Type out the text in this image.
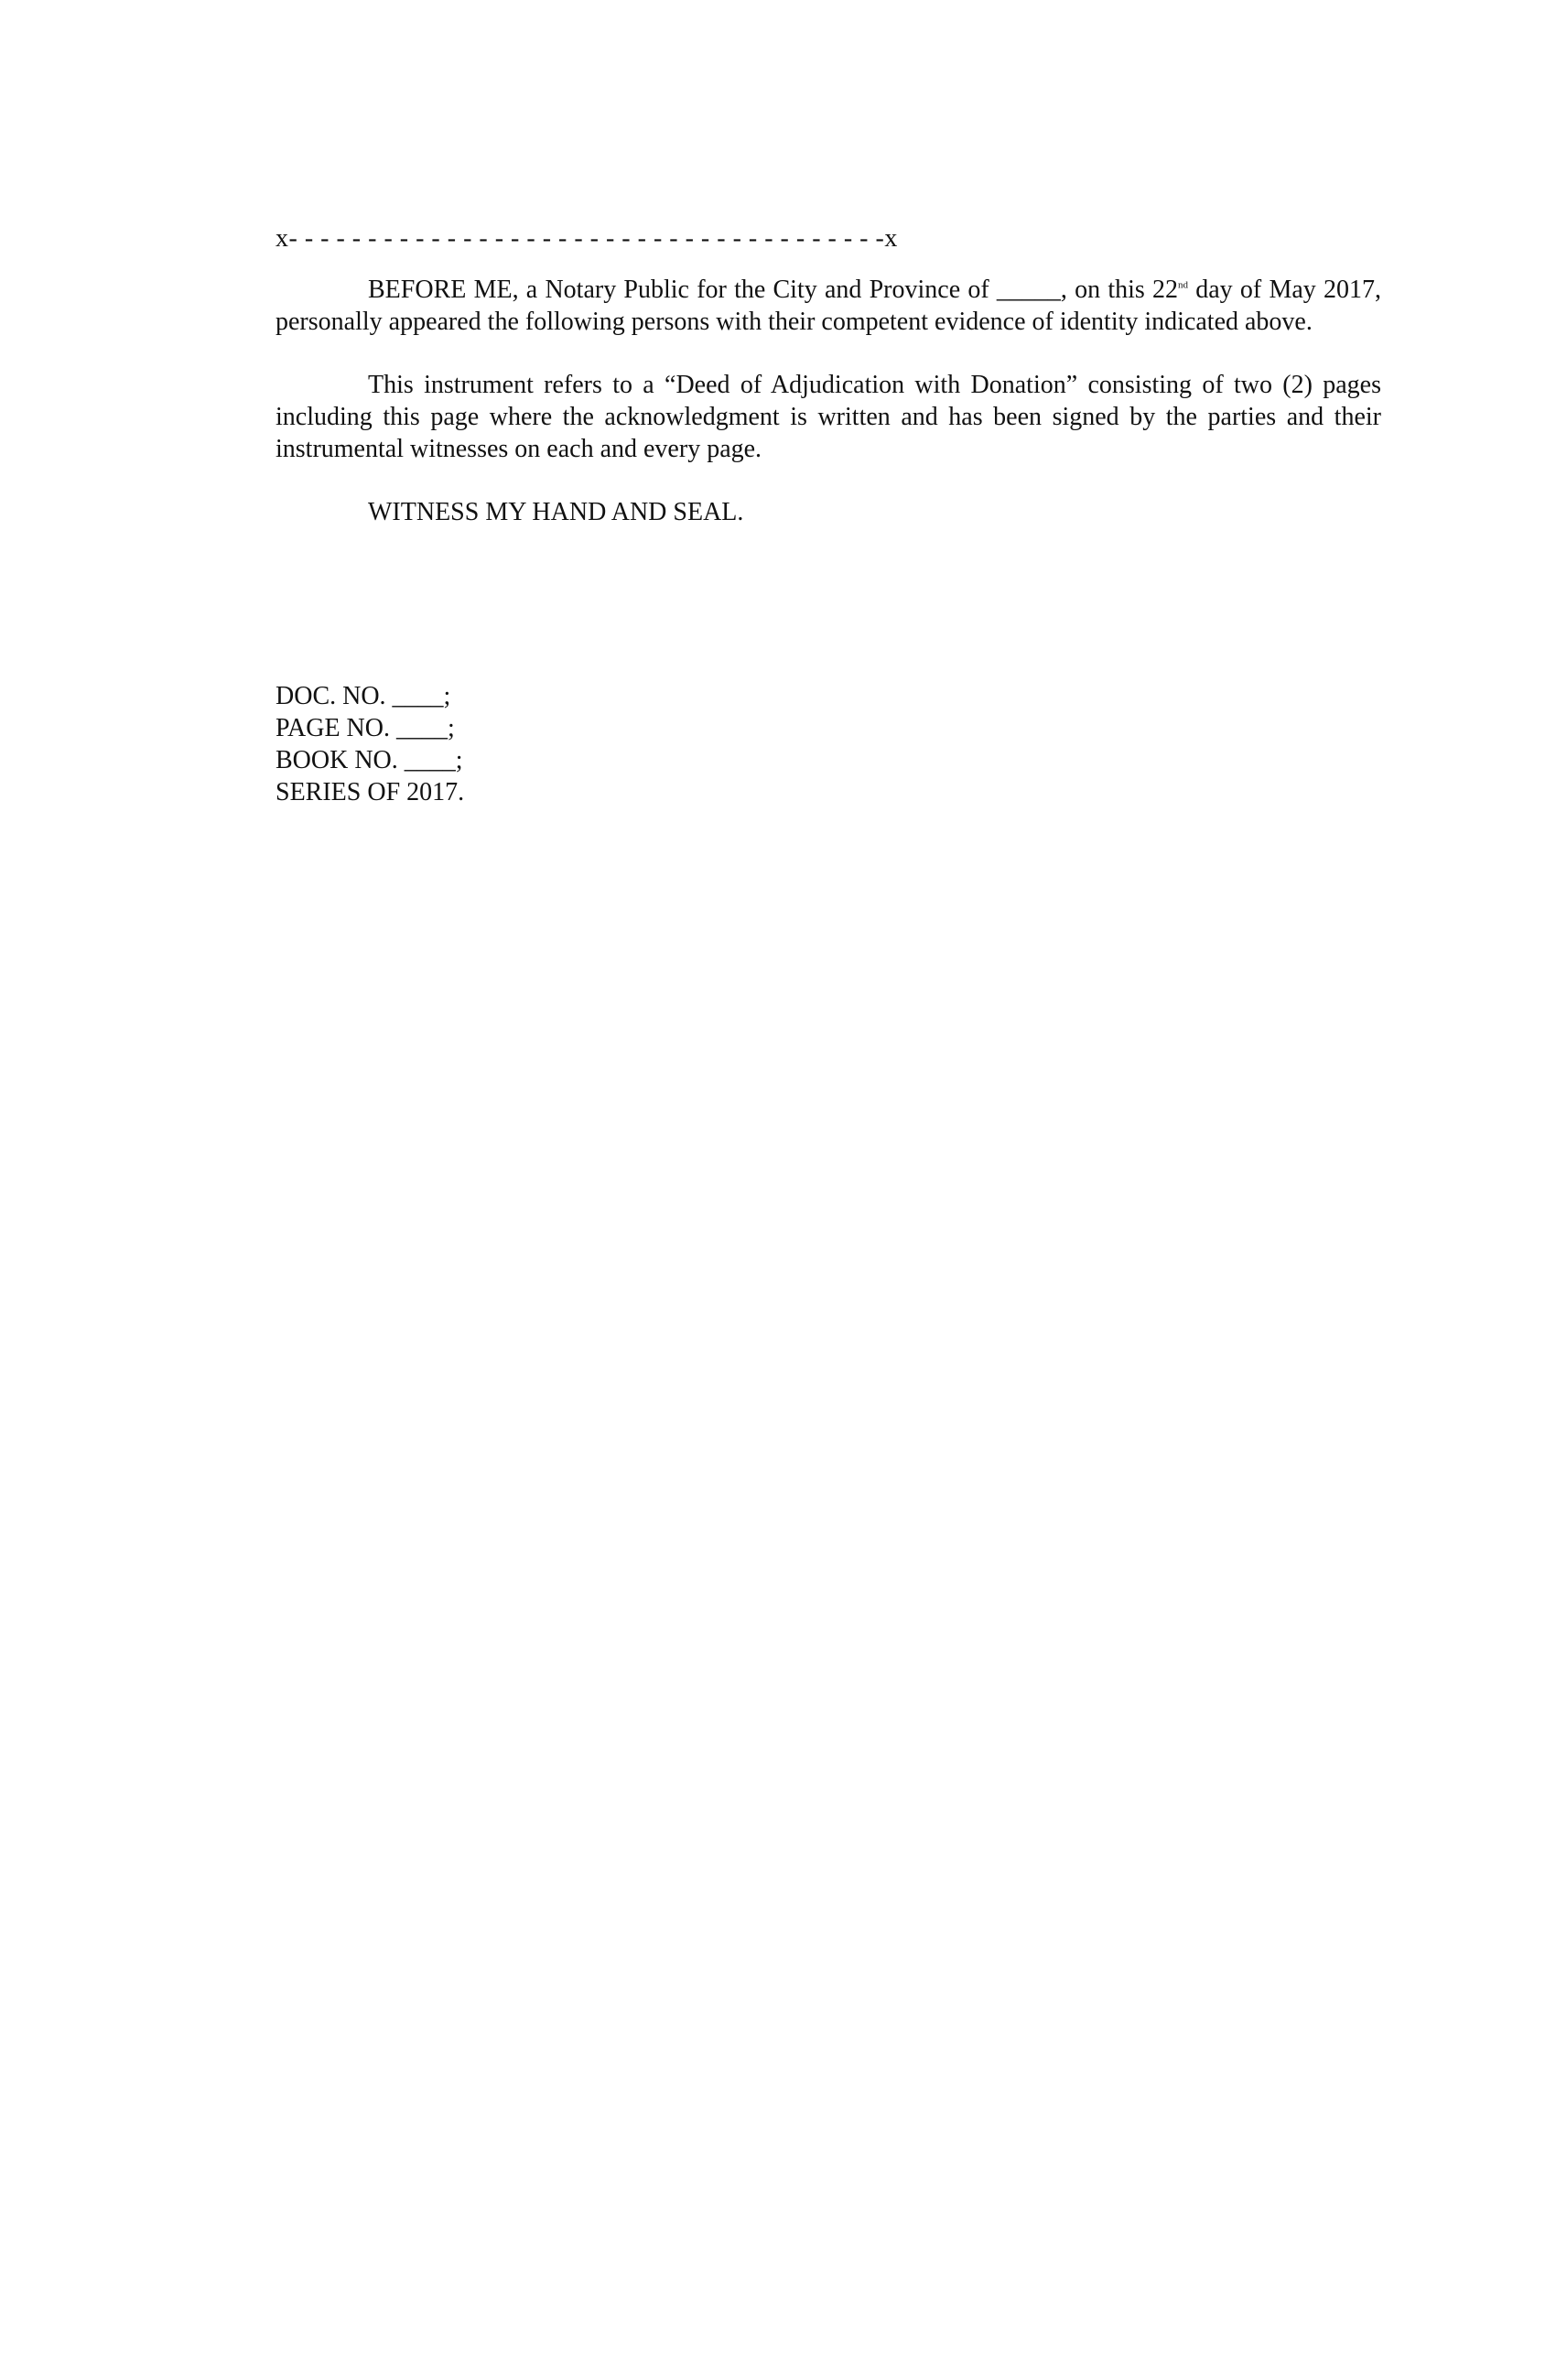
x- - - - - - - - - - - - - - - - - - - - - - - - - - - - - - - - - - - - - -x

BEFORE ME, a Notary Public for the City and Province of _____, on this 22nd day of May 2017, personally appeared the following persons with their competent evidence of identity indicated above.

This instrument refers to a “Deed of Adjudication with Donation” consisting of two (2) pages including this page where the acknowledgment is written and has been signed by the parties and their instrumental witnesses on each and every page.

WITNESS MY HAND AND SEAL.

DOC. NO. ____;
PAGE NO. ____;
BOOK NO. ____;
SERIES OF 2017.
